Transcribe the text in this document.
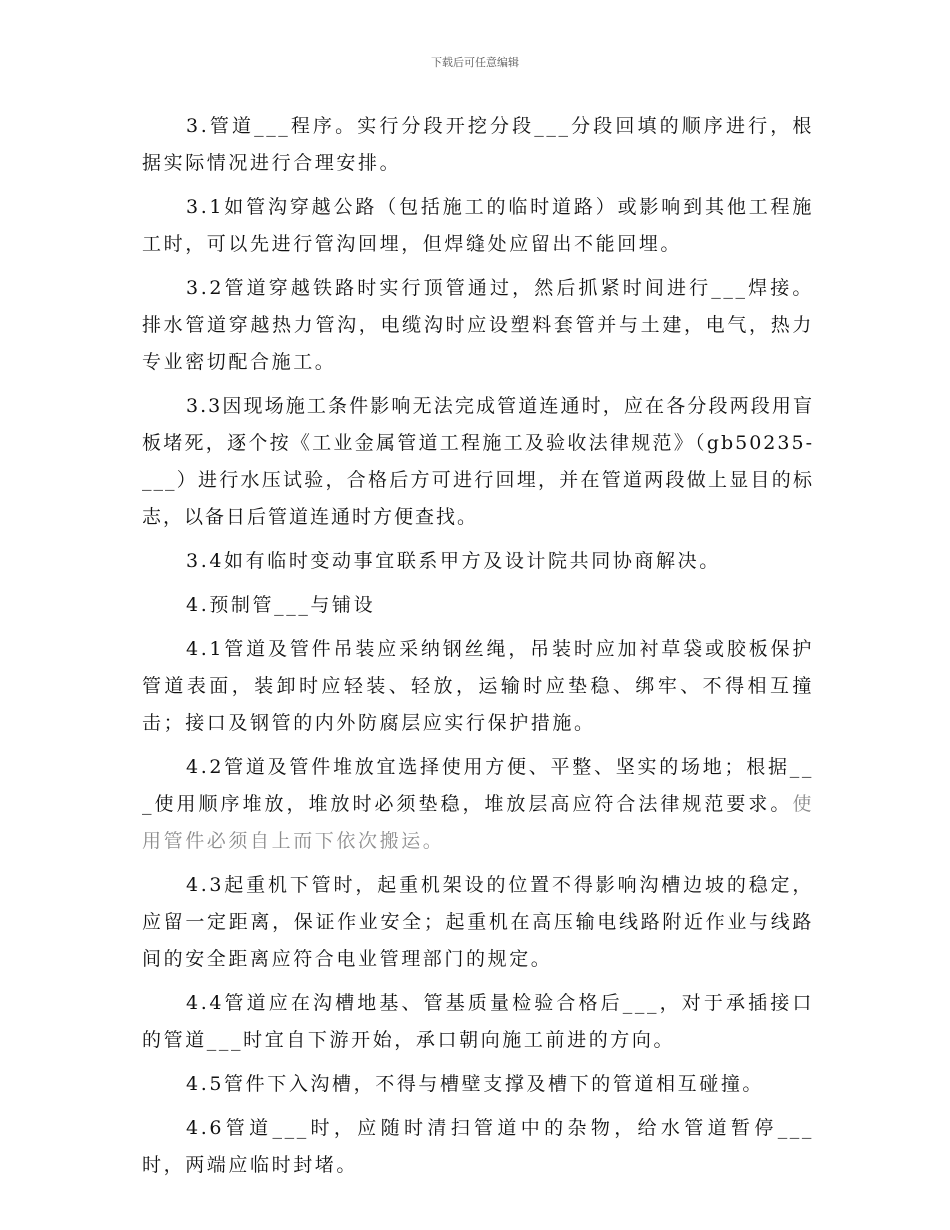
下载后可任意编辑

3.管道___程序。实行分段开挖分段___分段回填的顺序进行，根据实际情况进行合理安排。

3.1如管沟穿越公路（包括施工的临时道路）或影响到其他工程施工时，可以先进行管沟回埋，但焊缝处应留出不能回埋。

3.2管道穿越铁路时实行顶管通过，然后抓紧时间进行___焊接。排水管道穿越热力管沟，电缆沟时应设塑料套管并与土建，电气，热力专业密切配合施工。

3.3因现场施工条件影响无法完成管道连通时，应在各分段两段用盲板堵死，逐个按《工业金属管道工程施工及验收法律规范》（gb50235-___）进行水压试验，合格后方可进行回埋，并在管道两段做上显目的标志，以备日后管道连通时方便查找。

3.4如有临时变动事宜联系甲方及设计院共同协商解决。

4.预制管___与铺设

4.1管道及管件吊装应采纳钢丝绳，吊装时应加衬草袋或胶板保护管道表面，装卸时应轻装、轻放，运输时应垫稳、绑牢、不得相互撞击；接口及钢管的内外防腐层应实行保护措施。

4.2管道及管件堆放宜选择使用方便、平整、坚实的场地；根据___使用顺序堆放，堆放时必须垫稳，堆放层高应符合法律规范要求。使用管件必须自上而下依次搬运。

4.3起重机下管时，起重机架设的位置不得影响沟槽边坡的稳定，应留一定距离，保证作业安全；起重机在高压输电线路附近作业与线路间的安全距离应符合电业管理部门的规定。

4.4管道应在沟槽地基、管基质量检验合格后___，对于承插接口的管道___时宜自下游开始，承口朝向施工前进的方向。

4.5管件下入沟槽，不得与槽壁支撑及槽下的管道相互碰撞。

4.6管道___时，应随时清扫管道中的杂物，给水管道暂停___时，两端应临时封堵。
